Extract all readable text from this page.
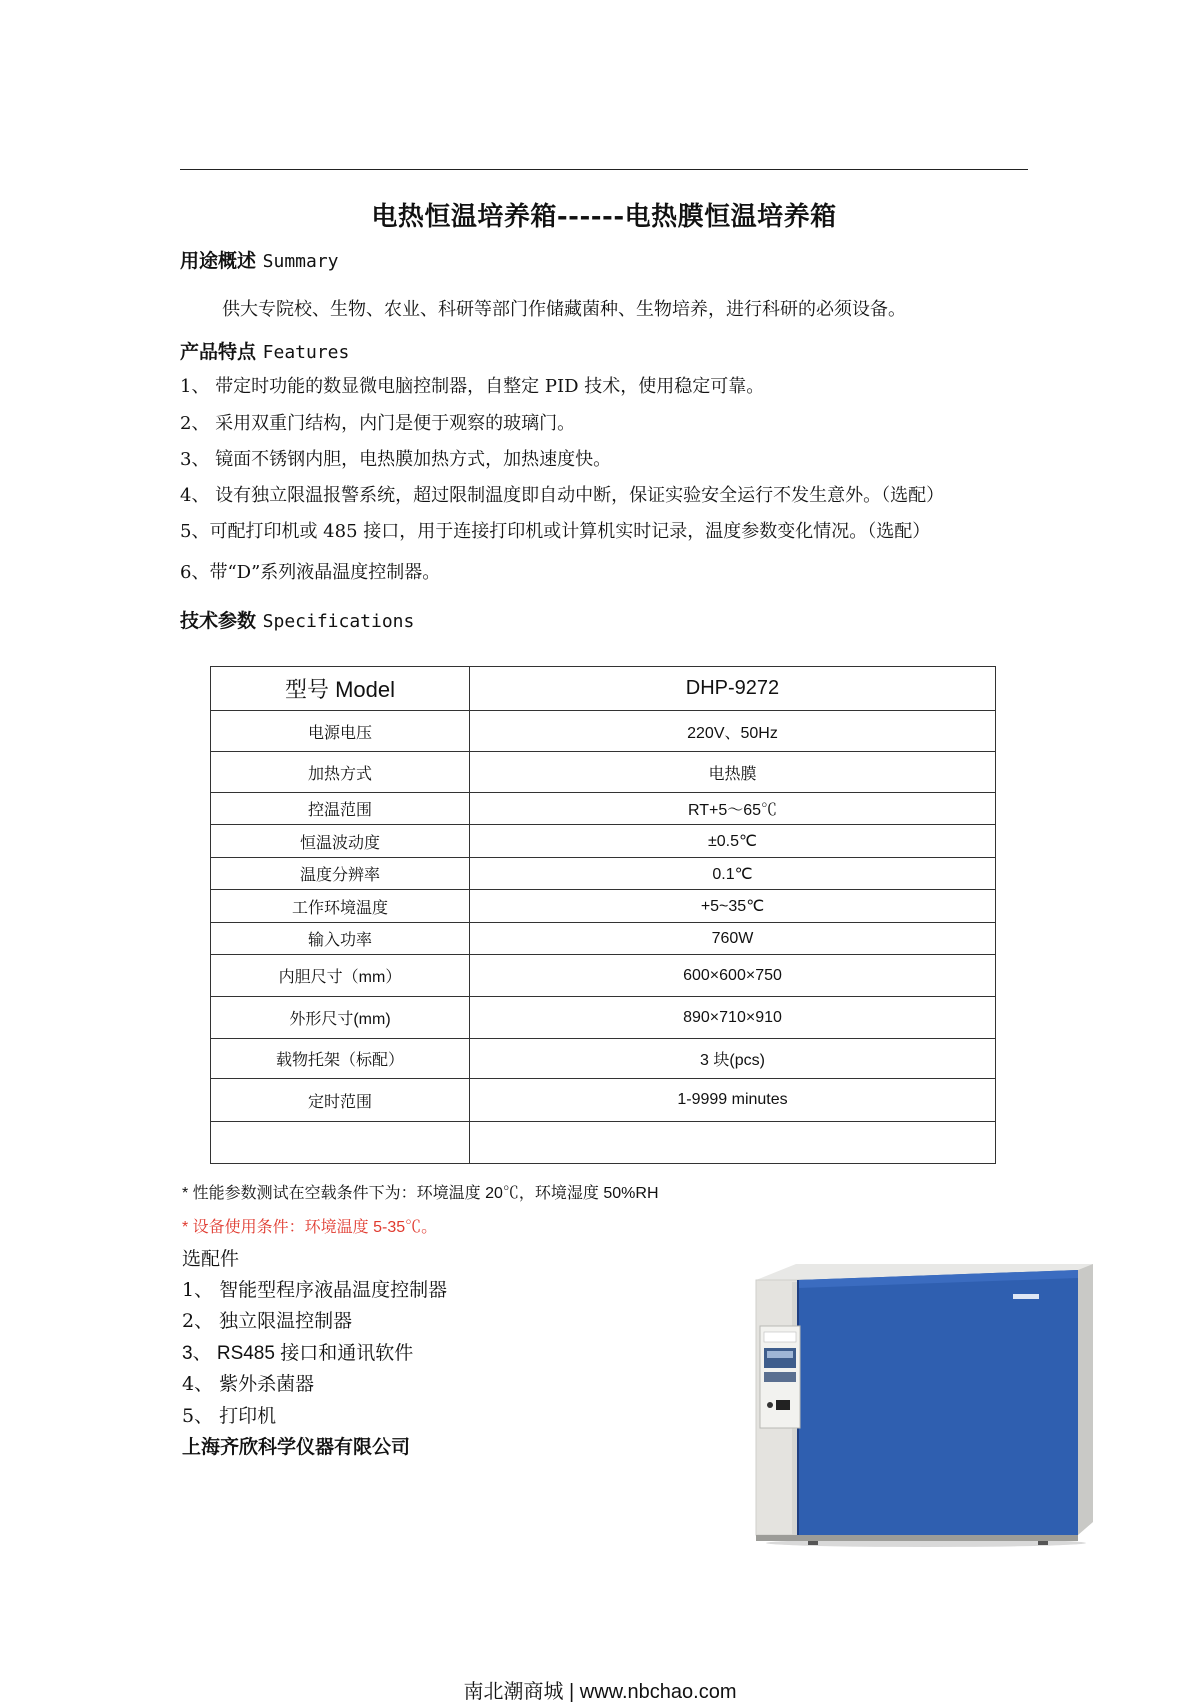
电热恒温培养箱------电热膜恒温培养箱
用途概述 Summary
供大专院校、生物、农业、科研等部门作储藏菌种、生物培养，进行科研的必须设备。
产品特点 Features
1、 带定时功能的数显微电脑控制器，自整定 PID 技术，使用稳定可靠。
2、 采用双重门结构，内门是便于观察的玻璃门。
3、 镜面不锈钢内胆，电热膜加热方式，加热速度快。
4、 设有独立限温报警系统，超过限制温度即自动中断，保证实验安全运行不发生意外。（选配）
5、可配打印机或 485 接口，用于连接打印机或计算机实时记录，温度参数变化情况。（选配）
6、带“D”系列液晶温度控制器。
技术参数 Specifications
型号 Model	DHP-9272
电源电压	220V、50Hz
加热方式	电热膜
控温范围	RT+5～65℃
恒温波动度	±0.5℃
温度分辨率	0.1℃
工作环境温度	+5~35℃
输入功率	760W
内胆尺寸（mm）	600×600×750
外形尺寸(mm)	890×710×910
载物托架（标配）	3 块(pcs)
定时范围	1-9999 minutes

* 性能参数测试在空载条件下为：环境温度 20℃，环境湿度 50%RH
* 设备使用条件：环境温度 5-35℃。
选配件
1、 智能型程序液晶温度控制器
2、 独立限温控制器
3、 RS485 接口和通讯软件
4、 紫外杀菌器
5、 打印机
上海齐欣科学仪器有限公司
南北潮商城 | www.nbchao.com
